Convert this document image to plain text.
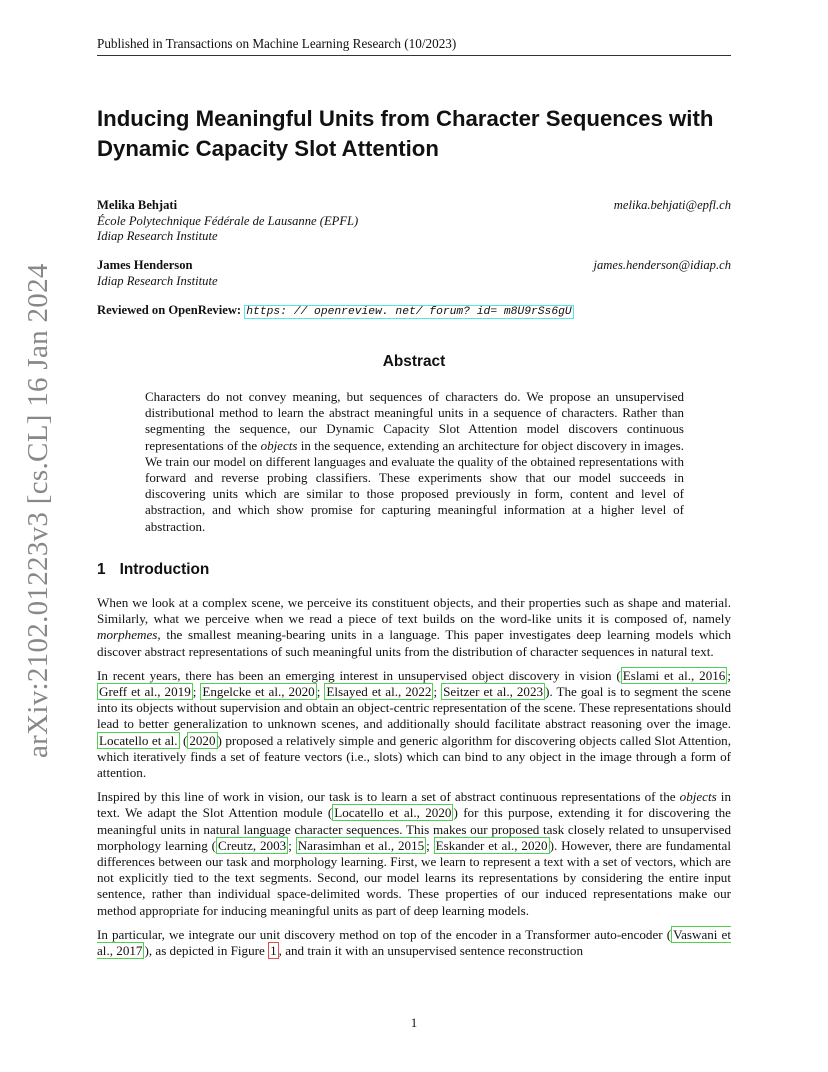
Published in Transactions on Machine Learning Research (10/2023)
arXiv:2102.01223v3 [cs.CL] 16 Jan 2024
Inducing Meaningful Units from Character Sequences with Dynamic Capacity Slot Attention
Melika Behjati	melika.behjati@epfl.ch
École Polytechnique Fédérale de Lausanne (EPFL)
Idiap Research Institute
James Henderson	james.henderson@idiap.ch
Idiap Research Institute
Reviewed on OpenReview: https: // openreview. net/ forum? id= m8U9rSs6gU
Abstract
Characters do not convey meaning, but sequences of characters do. We propose an unsupervised distributional method to learn the abstract meaningful units in a sequence of characters. Rather than segmenting the sequence, our Dynamic Capacity Slot Attention model discovers continuous representations of the objects in the sequence, extending an architecture for object discovery in images. We train our model on different languages and evaluate the quality of the obtained representations with forward and reverse probing classifiers. These experiments show that our model succeeds in discovering units which are similar to those proposed previously in form, content and level of abstraction, and which show promise for capturing meaningful information at a higher level of abstraction.
1 Introduction

When we look at a complex scene, we perceive its constituent objects, and their properties such as shape and material. Similarly, what we perceive when we read a piece of text builds on the word-like units it is composed of, namely morphemes, the smallest meaning-bearing units in a language. This paper investigates deep learning models which discover abstract representations of such meaningful units from the distribution of character sequences in natural text.

In recent years, there has been an emerging interest in unsupervised object discovery in vision ( Eslami et al., 2016 ; Greff et al., 2019 ; Engelcke et al., 2020 ; Elsayed et al., 2022 ; Seitzer et al., 2023 ). The goal is to segment the scene into its objects without supervision and obtain an object-centric representation of the scene. These representations should lead to better generalization to unknown scenes, and additionally should facilitate abstract reasoning over the image. Locatello et al. ( 2020 ) proposed a relatively simple and generic algorithm for discovering objects called Slot Attention, which iteratively finds a set of feature vectors (i.e., slots) which can bind to any object in the image through a form of attention.

Inspired by this line of work in vision, our task is to learn a set of abstract continuous representations of the objects in text. We adapt the Slot Attention module ( Locatello et al., 2020 ) for this purpose, extending it for discovering the meaningful units in natural language character sequences. This makes our proposed task closely related to unsupervised morphology learning ( Creutz, 2003 ; Narasimhan et al., 2015 ; Eskander et al., 2020 ). However, there are fundamental differences between our task and morphology learning. First, we learn to represent a text with a set of vectors, which are not explicitly tied to the text segments. Second, our model learns its representations by considering the entire input sentence, rather than individual space-delimited words. These properties of our induced representations make our method appropriate for inducing meaningful units as part of deep learning models.

In particular, we integrate our unit discovery method on top of the encoder in a Transformer auto-encoder ( Vaswani et al., 2017 ), as depicted in Figure 1 , and train it with an unsupervised sentence reconstruction

1
